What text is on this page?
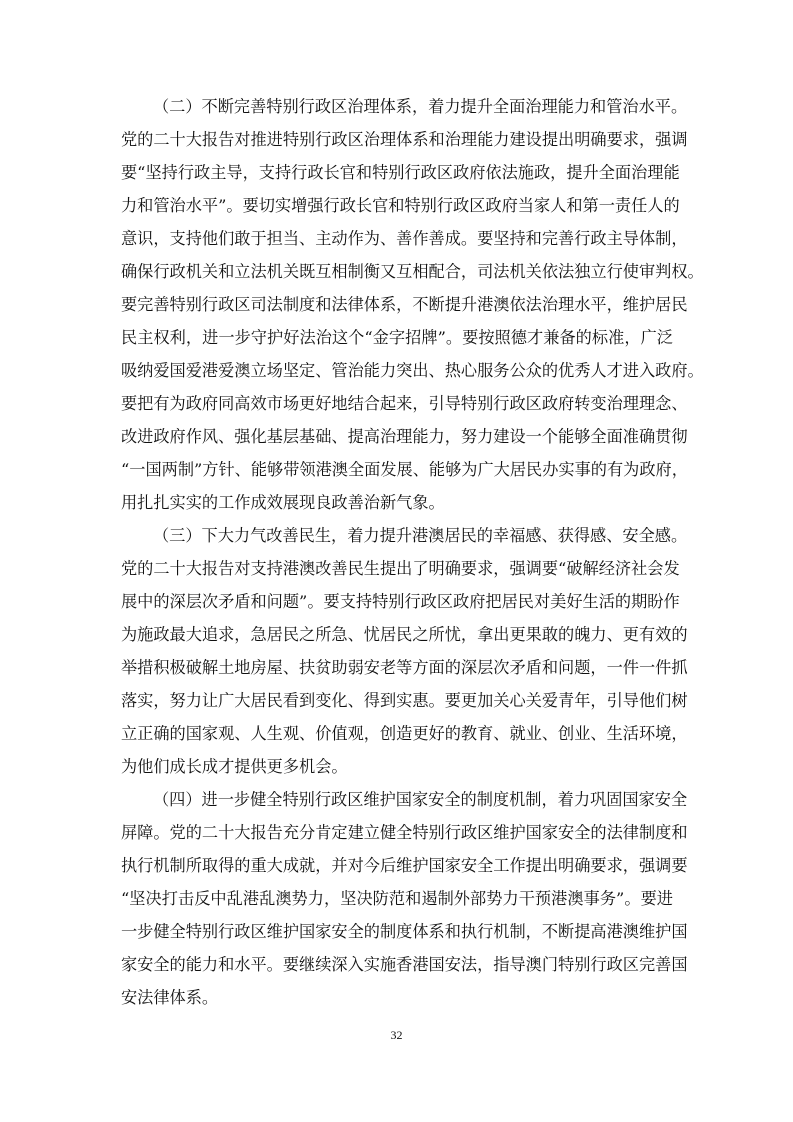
（二）不断完善特别行政区治理体系，着力提升全面治理能力和管治水平。
党的二十大报告对推进特别行政区治理体系和治理能力建设提出明确要求，强调
要“坚持行政主导，支持行政长官和特别行政区政府依法施政，提升全面治理能
力和管治水平”。要切实增强行政长官和特别行政区政府当家人和第一责任人的
意识，支持他们敢于担当、主动作为、善作善成。要坚持和完善行政主导体制，
确保行政机关和立法机关既互相制衡又互相配合，司法机关依法独立行使审判权。
要完善特别行政区司法制度和法律体系，不断提升港澳依法治理水平，维护居民
民主权利，进一步守护好法治这个“金字招牌”。要按照德才兼备的标准，广泛
吸纳爱国爱港爱澳立场坚定、管治能力突出、热心服务公众的优秀人才进入政府。
要把有为政府同高效市场更好地结合起来，引导特别行政区政府转变治理理念、
改进政府作风、强化基层基础、提高治理能力，努力建设一个能够全面准确贯彻
“一国两制”方针、能够带领港澳全面发展、能够为广大居民办实事的有为政府，
用扎扎实实的工作成效展现良政善治新气象。
（三）下大力气改善民生，着力提升港澳居民的幸福感、获得感、安全感。
党的二十大报告对支持港澳改善民生提出了明确要求，强调要“破解经济社会发
展中的深层次矛盾和问题”。要支持特别行政区政府把居民对美好生活的期盼作
为施政最大追求，急居民之所急、忧居民之所忧，拿出更果敢的魄力、更有效的
举措积极破解土地房屋、扶贫助弱安老等方面的深层次矛盾和问题，一件一件抓
落实，努力让广大居民看到变化、得到实惠。要更加关心关爱青年，引导他们树
立正确的国家观、人生观、价值观，创造更好的教育、就业、创业、生活环境，
为他们成长成才提供更多机会。
（四）进一步健全特别行政区维护国家安全的制度机制，着力巩固国家安全
屏障。党的二十大报告充分肯定建立健全特别行政区维护国家安全的法律制度和
执行机制所取得的重大成就，并对今后维护国家安全工作提出明确要求，强调要
“坚决打击反中乱港乱澳势力，坚决防范和遏制外部势力干预港澳事务”。要进
一步健全特别行政区维护国家安全的制度体系和执行机制，不断提高港澳维护国
家安全的能力和水平。要继续深入实施香港国安法，指导澳门特别行政区完善国
安法律体系。
32
